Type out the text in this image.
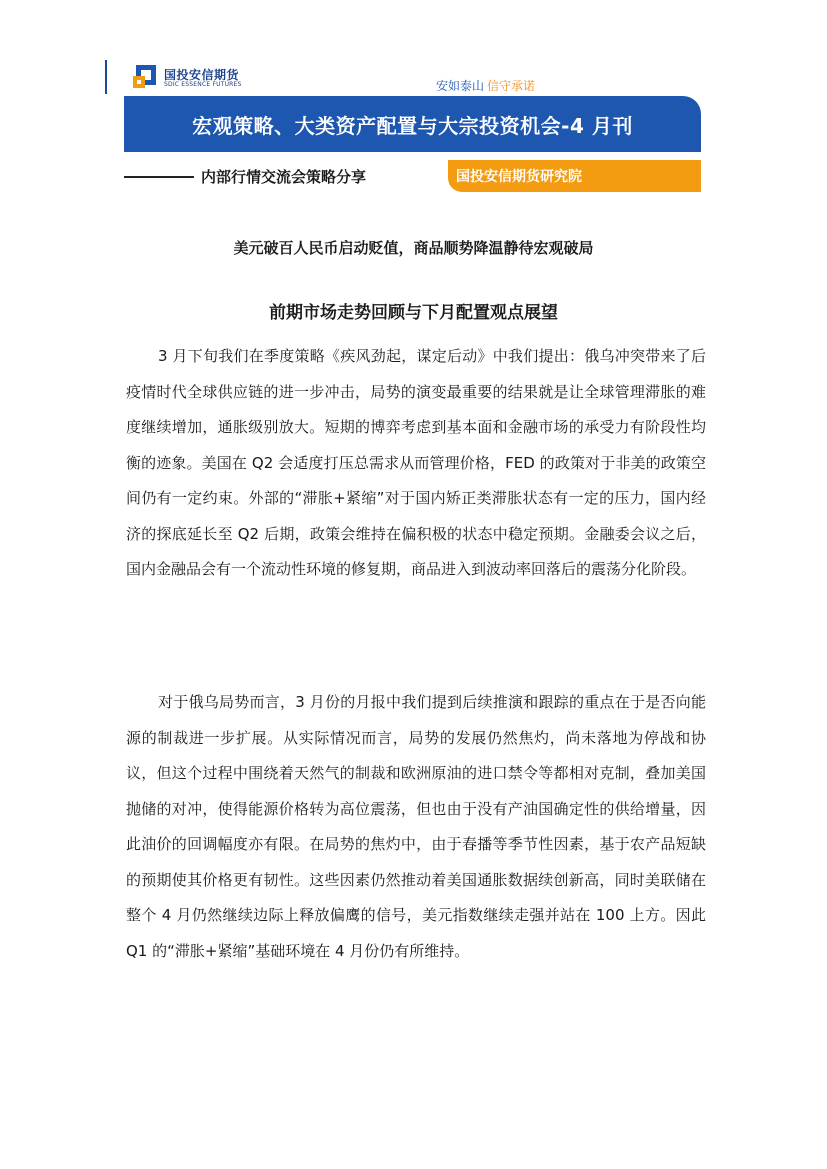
国投安信期货
SDIC ESSENCE FUTURES	安如泰山 信守承诺
宏观策略、大类资产配置与大宗投资机会-4 月刊
内部行情交流会策略分享	国投安信期货研究院
美元破百人民币启动贬值，商品顺势降温静待宏观破局
前期市场走势回顾与下月配置观点展望

3 月下旬我们在季度策略《疾风劲起，谋定后动》中我们提出：俄乌冲突带来了后疫情时代全球供应链的进一步冲击，局势的演变最重要的结果就是让全球管理滞胀的难度继续增加，通胀级别放大。短期的博弈考虑到基本面和金融市场的承受力有阶段性均衡的迹象。美国在 Q2 会适度打压总需求从而管理价格，FED 的政策对于非美的政策空间仍有一定约束。外部的“滞胀+紧缩”对于国内矫正类滞胀状态有一定的压力，国内经济的探底延长至 Q2 后期，政策会维持在偏积极的状态中稳定预期。金融委会议之后，国内金融品会有一个流动性环境的修复期，商品进入到波动率回落后的震荡分化阶段。

对于俄乌局势而言，3 月份的月报中我们提到后续推演和跟踪的重点在于是否向能源的制裁进一步扩展。从实际情况而言，局势的发展仍然焦灼，尚未落地为停战和协议，但这个过程中围绕着天然气的制裁和欧洲原油的进口禁令等都相对克制，叠加美国抛储的对冲，使得能源价格转为高位震荡，但也由于没有产油国确定性的供给增量，因此油价的回调幅度亦有限。在局势的焦灼中，由于春播等季节性因素，基于农产品短缺的预期使其价格更有韧性。这些因素仍然推动着美国通胀数据续创新高，同时美联储在整个 4 月仍然继续边际上释放偏鹰的信号，美元指数继续走强并站在 100 上方。因此 Q1 的“滞胀+紧缩”基础环境在 4 月份仍有所维持。
